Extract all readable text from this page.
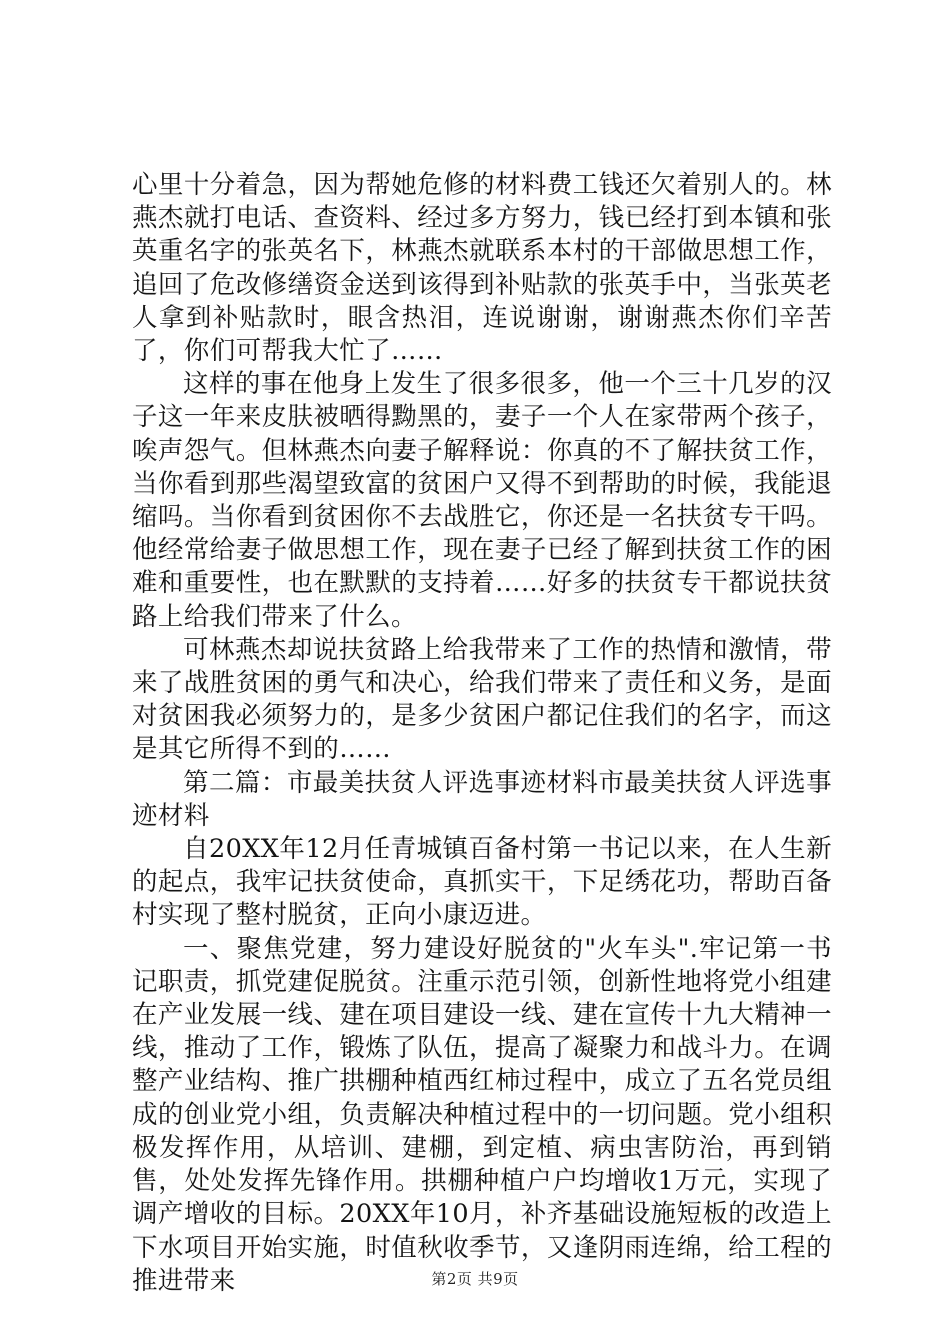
心里十分着急，因为帮她危修的材料费工钱还欠着别人的。林燕杰就打电话、查资料、经过多方努力，钱已经打到本镇和张英重名字的张英名下，林燕杰就联系本村的干部做思想工作，追回了危改修缮资金送到该得到补贴款的张英手中，当张英老人拿到补贴款时，眼含热泪，连说谢谢，谢谢燕杰你们辛苦了，你们可帮我大忙了……

这样的事在他身上发生了很多很多，他一个三十几岁的汉子这一年来皮肤被晒得黝黑的，妻子一个人在家带两个孩子，唉声怨气。但林燕杰向妻子解释说：你真的不了解扶贫工作，当你看到那些渴望致富的贫困户又得不到帮助的时候，我能退缩吗。当你看到贫困你不去战胜它，你还是一名扶贫专干吗。他经常给妻子做思想工作，现在妻子已经了解到扶贫工作的困难和重要性，也在默默的支持着……好多的扶贫专干都说扶贫路上给我们带来了什么。

可林燕杰却说扶贫路上给我带来了工作的热情和激情，带来了战胜贫困的勇气和决心，给我们带来了责任和义务，是面对贫困我必须努力的，是多少贫困户都记住我们的名字，而这是其它所得不到的……

第二篇：市最美扶贫人评选事迹材料市最美扶贫人评选事迹材料

自20XX年12月任青城镇百备村第一书记以来，在人生新的起点，我牢记扶贫使命，真抓实干，下足绣花功，帮助百备村实现了整村脱贫，正向小康迈进。

一、聚焦党建，努力建设好脱贫的"火车头".牢记第一书记职责，抓党建促脱贫。注重示范引领，创新性地将党小组建在产业发展一线、建在项目建设一线、建在宣传十九大精神一线，推动了工作，锻炼了队伍，提高了凝聚力和战斗力。在调整产业结构、推广拱棚种植西红柿过程中，成立了五名党员组成的创业党小组，负责解决种植过程中的一切问题。党小组积极发挥作用，从培训、建棚，到定植、病虫害防治，再到销售，处处发挥先锋作用。拱棚种植户户均增收1万元，实现了调产增收的目标。20XX年10月，补齐基础设施短板的改造上下水项目开始实施，时值秋收季节，又逢阴雨连绵，给工程的推进带来	第2页 共9页
